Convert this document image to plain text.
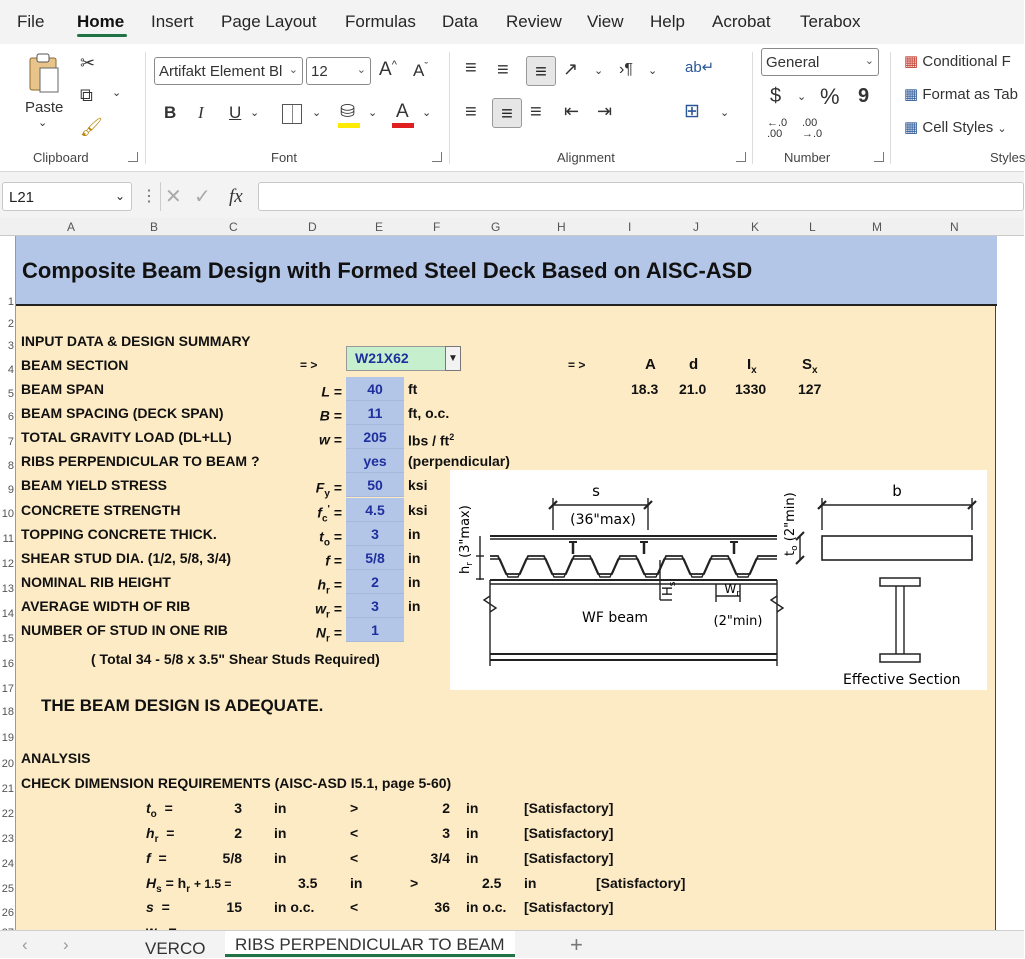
File Home Insert Page Layout Formulas Data Review View Help Acrobat Terabox
Paste
⌄
✂
⧉ ⌄
🖌
Clipboard
Artifakt Element Bl ⌄ 12	⌄ A^ $A^ˇ$
B I U ⌄	⌄ ⛁ ⌄ A ⌄
Font
≡ ≡	≡ ↗ ⌄ ›¶ ⌄
≡	≡ ≡ ⇤ ⇥
ab↵
⊞ ⌄
Alignment
General	⌄
$ ⌄ % 9
←.0
.00
.00
→.0
Number
▦ Conditional F
▦ Format as Tab
▦ Cell Styles ⌄
Styles
L21	⌄ ⋮ ✕ ✓ fx
A	B	C	D	E	F	G	H	I	J	K	L	M	N
1
2
3
4
5
6
7
8
9
10
11
12
13
14
15
16
17
18
19
20
21
22
23
24
25
26
Composite Beam Design with Formed Steel Deck Based on AISC-ASD
INPUT DATA & DESIGN SUMMARY
BEAM SECTION	= >	W21X62	▼	= >	A d	$I_x$	$S_x$
18.3 21.0 1330 127
BEAM SPAN	L =	40	ft
BEAM SPACING (DECK SPAN)	B =	11	ft, o.c.
TOTAL GRAVITY LOAD (DL+LL)	w =	205	lbs / $ft^2$
RIBS PERPENDICULAR TO BEAM ?	yes	(perpendicular)
BEAM YIELD STRESS	$F_y$ =	50	ksi
CONCRETE STRENGTH	$f_c'$ =	4.5	ksi
TOPPING CONCRETE THICK.	$t_o$ =	3	in
SHEAR STUD DIA. (1/2, 5/8, 3/4)	f =	5/8	in
NOMINAL RIB HEIGHT	$h_r$ =	2	in
AVERAGE WIDTH OF RIB	$w_r$ =	3	in
NUMBER OF STUD IN ONE RIB	$N_r$ =	1
( Total 34 - 5/8 x 3.5" Shear Studs Required)
THE BEAM DESIGN IS ADEQUATE.
ANALYSIS
CHECK DIMENSION REQUIREMENTS (AISC-ASD I5.1, page 5-60)
$t_o$ =	3 in	>	2 in	[Satisfactory]
$h_r$ =	2 in	<	3 in	[Satisfactory]
f =	5/8 in	<	3/4 in	[Satisfactory]
$H_s = h_r + 1.5$ =	3.5 in	>	2.5 in	[Satisfactory]
s =	15 in o.c.	<	36 in o.c. [Satisfactory]
s
(36"max)
b
WF beam	(2"min)
$W_r$
Effective Section
$h_r$ (3"max)
$H_s$
$t_o$ (2"min)
‹ ›	VERCO	RIBS PERPENDICULAR TO BEAM	+
